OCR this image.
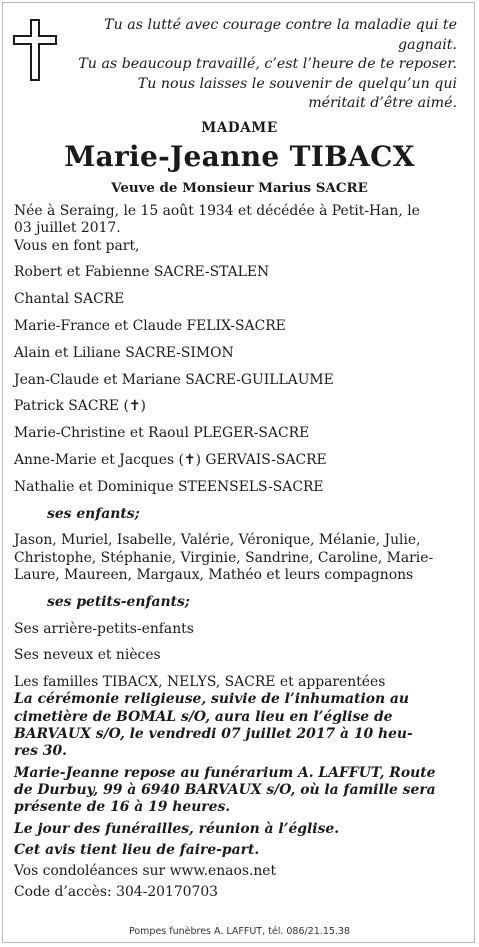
Tu as lutté avec courage contre la maladie qui te
gagnait.
Tu as beaucoup travaillé, c’est l’heure de te reposer.
Tu nous laisses le souvenir de quelqu’un qui
méritait d’être aimé.
MADAME
Marie-Jeanne TIBACX
Veuve de Monsieur Marius SACRE

Née à Seraing, le 15 août 1934 et décédée à Petit-Han, le

03 juillet 2017.

Vous en font part,

Robert et Fabienne SACRE-STALEN

Chantal SACRE

Marie-France et Claude FELIX-SACRE

Alain et Liliane SACRE-SIMON

Jean-Claude et Mariane SACRE-GUILLAUME

Patrick SACRE (✝)

Marie-Christine et Raoul PLEGER-SACRE

Anne-Marie et Jacques (✝) GERVAIS-SACRE

Nathalie et Dominique STEENSELS-SACRE

ses enfants;

Jason, Muriel, Isabelle, Valérie, Véronique, Mélanie, Julie,

Christophe, Stéphanie, Virginie, Sandrine, Caroline, Marie-

Laure, Maureen, Margaux, Mathéo et leurs compagnons

ses petits-enfants;

Ses arrière-petits-enfants

Ses neveux et nièces

Les familles TIBACX, NELYS, SACRE et apparentées

La cérémonie religieuse, suivie de l’inhumation au

cimetière de BOMAL s/O, aura lieu en l’église de

BARVAUX s/O, le vendredi 07 juillet 2017 à 10 heu-

res 30.

Marie-Jeanne repose au funérarium A. LAFFUT, Route

de Durbuy, 99 à 6940 BARVAUX s/O, où la famille sera

présente de 16 à 19 heures.

Le jour des funérailles, réunion à l’église.

Cet avis tient lieu de faire-part.

Vos condoléances sur www.enaos.net

Code d’accès: 304-20170703

Pompes funèbres A. LAFFUT, tél. 086/21.15.38
